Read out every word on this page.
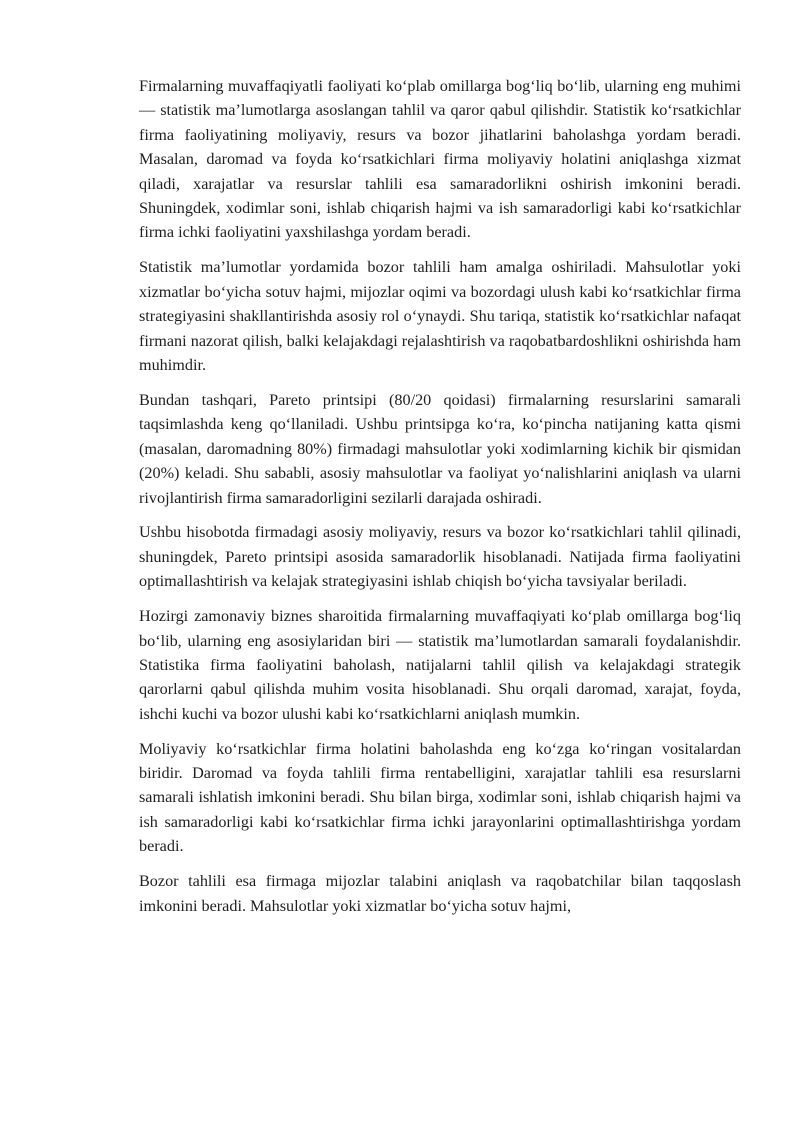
Firmalarning muvaffaqiyatli faoliyati ko‘plab omillarga bog‘liq bo‘lib, ularning eng muhimi — statistik ma’lumotlarga asoslangan tahlil va qaror qabul qilishdir. Statistik ko‘rsatkichlar firma faoliyatining moliyaviy, resurs va bozor jihatlarini baholashga yordam beradi. Masalan, daromad va foyda ko‘rsatkichlari firma moliyaviy holatini aniqlashga xizmat qiladi, xarajatlar va resurslar tahlili esa samaradorlikni oshirish imkonini beradi. Shuningdek, xodimlar soni, ishlab chiqarish hajmi va ish samaradorligi kabi ko‘rsatkichlar firma ichki faoliyatini yaxshilashga yordam beradi.

Statistik ma’lumotlar yordamida bozor tahlili ham amalga oshiriladi. Mahsulotlar yoki xizmatlar bo‘yicha sotuv hajmi, mijozlar oqimi va bozordagi ulush kabi ko‘rsatkichlar firma strategiyasini shakllantirishda asosiy rol o‘ynaydi. Shu tariqa, statistik ko‘rsatkichlar nafaqat firmani nazorat qilish, balki kelajakdagi rejalashtirish va raqobatbardoshlikni oshirishda ham muhimdir.

Bundan tashqari, Pareto printsipi (80/20 qoidasi) firmalarning resurslarini samarali taqsimlashda keng qo‘llaniladi. Ushbu printsipga ko‘ra, ko‘pincha natijaning katta qismi (masalan, daromadning 80%) firmadagi mahsulotlar yoki xodimlarning kichik bir qismidan (20%) keladi. Shu sababli, asosiy mahsulotlar va faoliyat yo‘nalishlarini aniqlash va ularni rivojlantirish firma samaradorligini sezilarli darajada oshiradi.

Ushbu hisobotda firmadagi asosiy moliyaviy, resurs va bozor ko‘rsatkichlari tahlil qilinadi, shuningdek, Pareto printsipi asosida samaradorlik hisoblanadi. Natijada firma faoliyatini optimallashtirish va kelajak strategiyasini ishlab chiqish bo‘yicha tavsiyalar beriladi.

Hozirgi zamonaviy biznes sharoitida firmalarning muvaffaqiyati ko‘plab omillarga bog‘liq bo‘lib, ularning eng asosiylaridan biri — statistik ma’lumotlardan samarali foydalanishdir. Statistika firma faoliyatini baholash, natijalarni tahlil qilish va kelajakdagi strategik qarorlarni qabul qilishda muhim vosita hisoblanadi. Shu orqali daromad, xarajat, foyda, ishchi kuchi va bozor ulushi kabi ko‘rsatkichlarni aniqlash mumkin.

Moliyaviy ko‘rsatkichlar firma holatini baholashda eng ko‘zga ko‘ringan vositalardan biridir. Daromad va foyda tahlili firma rentabelligini, xarajatlar tahlili esa resurslarni samarali ishlatish imkonini beradi. Shu bilan birga, xodimlar soni, ishlab chiqarish hajmi va ish samaradorligi kabi ko‘rsatkichlar firma ichki jarayonlarini optimallashtirishga yordam beradi.

Bozor tahlili esa firmaga mijozlar talabini aniqlash va raqobatchilar bilan taqqoslash imkonini beradi. Mahsulotlar yoki xizmatlar bo‘yicha sotuv hajmi,
